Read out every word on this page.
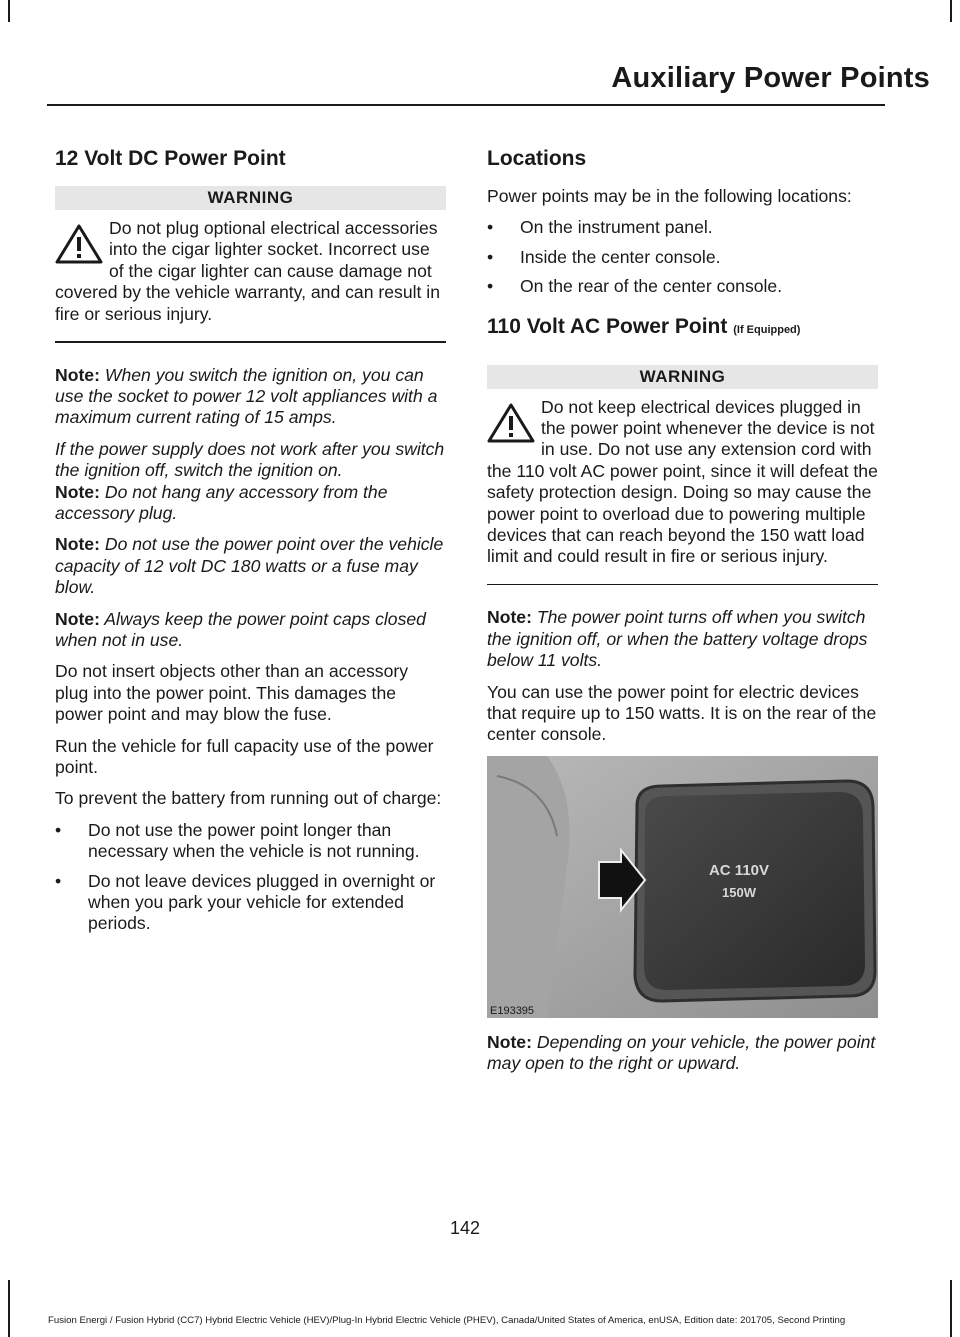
Auxiliary Power Points
12 Volt DC Power Point
WARNING
Do not plug optional electrical accessories into the cigar lighter socket. Incorrect use of the cigar lighter can cause damage not covered by the vehicle warranty, and can result in fire or serious injury.

Note: When you switch the ignition on, you can use the socket to power 12 volt appliances with a maximum current rating of 15 amps.

If the power supply does not work after you switch the ignition off, switch the ignition on.

Note: Do not hang any accessory from the accessory plug.

Note: Do not use the power point over the vehicle capacity of 12 volt DC 180 watts or a fuse may blow.

Note: Always keep the power point caps closed when not in use.

Do not insert objects other than an accessory plug into the power point. This damages the power point and may blow the fuse.

Run the vehicle for full capacity use of the power point.

To prevent the battery from running out of charge:

• Do not use the power point longer than necessary when the vehicle is not running.
• Do not leave devices plugged in overnight or when you park your vehicle for extended periods.
Locations

Power points may be in the following locations:

• On the instrument panel.
• Inside the center console.
• On the rear of the center console.
110 Volt AC Power Point (If Equipped)
WARNING
Do not keep electrical devices plugged in the power point whenever the device is not in use. Do not use any extension cord with the 110 volt AC power point, since it will defeat the safety protection design. Doing so may cause the power point to overload due to powering multiple devices that can reach beyond the 150 watt load limit and could result in fire or serious injury.

Note: The power point turns off when you switch the ignition off, or when the battery voltage drops below 11 volts.

You can use the power point for electric devices that require up to 150 watts. It is on the rear of the center console.

AC 110V
150W
E193395

Note: Depending on your vehicle, the power point may open to the right or upward.

142
Fusion Energi / Fusion Hybrid (CC7) Hybrid Electric Vehicle (HEV)/Plug-In Hybrid Electric Vehicle (PHEV), Canada/United States of America, enUSA, Edition date: 201705, Second Printing
